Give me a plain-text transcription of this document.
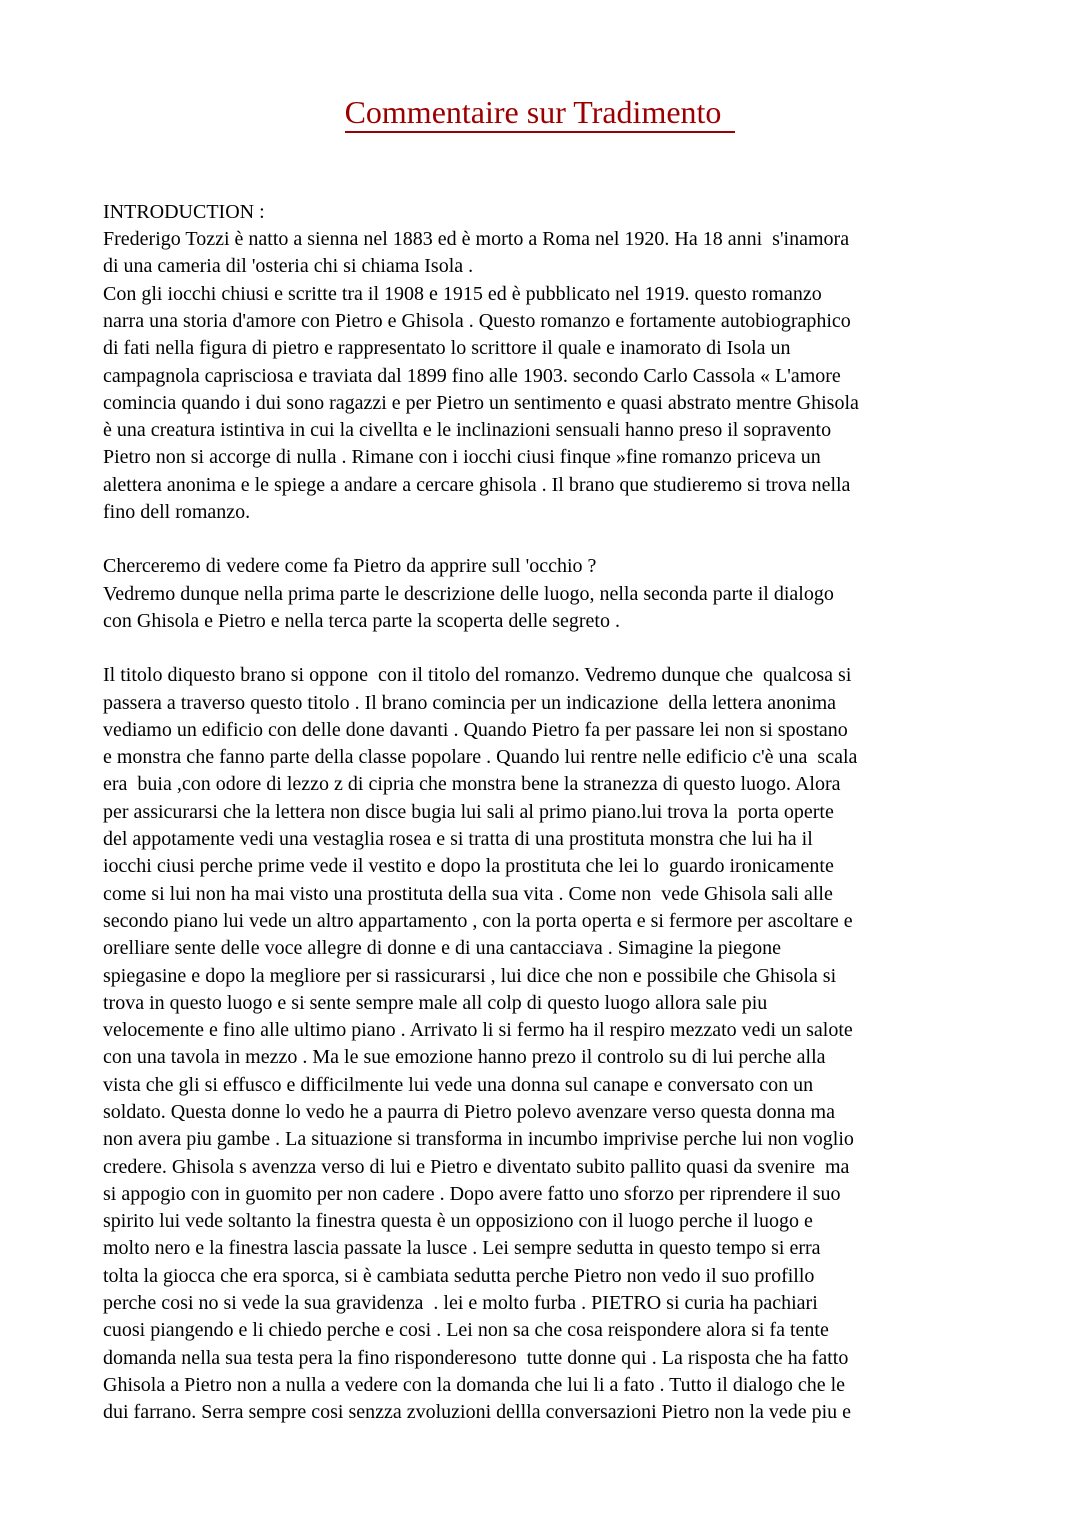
Commentaire sur Tradimento

INTRODUCTION :
Frederigo Tozzi è natto a sienna nel 1883 ed è morto a Roma nel 1920. Ha 18 anni  s'inamora
di una cameria dil 'osteria chi si chiama Isola .
Con gli iocchi chiusi e scritte tra il 1908 e 1915 ed è pubblicato nel 1919. questo romanzo
narra una storia d'amore con Pietro e Ghisola . Questo romanzo e fortamente autobiographico
di fati nella figura di pietro e rappresentato lo scrittore il quale e inamorato di Isola un
campagnola caprisciosa e traviata dal 1899 fino alle 1903. secondo Carlo Cassola « L'amore
comincia quando i dui sono ragazzi e per Pietro un sentimento e quasi abstrato mentre Ghisola
è una creatura istintiva in cui la civellta e le inclinazioni sensuali hanno preso il sopravento
Pietro non si accorge di nulla . Rimane con i iocchi ciusi finque »fine romanzo priceva un
alettera anonima e le spiege a andare a cercare ghisola . Il brano que studieremo si trova nella
fino dell romanzo.

Cherceremo di vedere come fa Pietro da apprire sull 'occhio ?
Vedremo dunque nella prima parte le descrizione delle luogo, nella seconda parte il dialogo
con Ghisola e Pietro e nella terca parte la scoperta delle segreto .

Il titolo diquesto brano si oppone  con il titolo del romanzo. Vedremo dunque che  qualcosa si
passera a traverso questo titolo . Il brano comincia per un indicazione  della lettera anonima
vediamo un edificio con delle done davanti . Quando Pietro fa per passare lei non si spostano
e monstra che fanno parte della classe popolare . Quando lui rentre nelle edificio c'è una  scala
era  buia ,con odore di lezzo z di cipria che monstra bene la stranezza di questo luogo. Alora
per assicurarsi che la lettera non disce bugia lui sali al primo piano.lui trova la  porta operte
del appotamente vedi una vestaglia rosea e si tratta di una prostituta monstra che lui ha il
iocchi ciusi perche prime vede il vestito e dopo la prostituta che lei lo  guardo ironicamente
come si lui non ha mai visto una prostituta della sua vita . Come non  vede Ghisola sali alle
secondo piano lui vede un altro appartamento , con la porta operta e si fermore per ascoltare e
orelliare sente delle voce allegre di donne e di una cantacciava . Simagine la piegone
spiegasine e dopo la megliore per si rassicurarsi , lui dice che non e possibile che Ghisola si
trova in questo luogo e si sente sempre male all colp di questo luogo allora sale piu
velocemente e fino alle ultimo piano . Arrivato li si fermo ha il respiro mezzato vedi un salote
con una tavola in mezzo . Ma le sue emozione hanno prezo il controlo su di lui perche alla
vista che gli si effusco e difficilmente lui vede una donna sul canape e conversato con un
soldato. Questa donne lo vedo he a paurra di Pietro polevo avenzare verso questa donna ma
non avera piu gambe . La situazione si transforma in incumbo imprivise perche lui non voglio
credere. Ghisola s avenzza verso di lui e Pietro e diventato subito pallito quasi da svenire  ma
si appogio con in guomito per non cadere . Dopo avere fatto uno sforzo per riprendere il suo
spirito lui vede soltanto la finestra questa è un opposiziono con il luogo perche il luogo e
molto nero e la finestra lascia passate la lusce . Lei sempre sedutta in questo tempo si erra
tolta la giocca che era sporca, si è cambiata sedutta perche Pietro non vedo il suo profillo
perche cosi no si vede la sua gravidenza  . lei e molto furba . PIETRO si curia ha pachiari
cuosi piangendo e li chiedo perche e cosi . Lei non sa che cosa reispondere alora si fa tente
domanda nella sua testa pera la fino risponderesono  tutte donne qui . La risposta che ha fatto
Ghisola a Pietro non a nulla a vedere con la domanda che lui li a fato . Tutto il dialogo che le
dui farrano. Serra sempre cosi senzza zvoluzioni dellla conversazioni Pietro non la vede piu e
